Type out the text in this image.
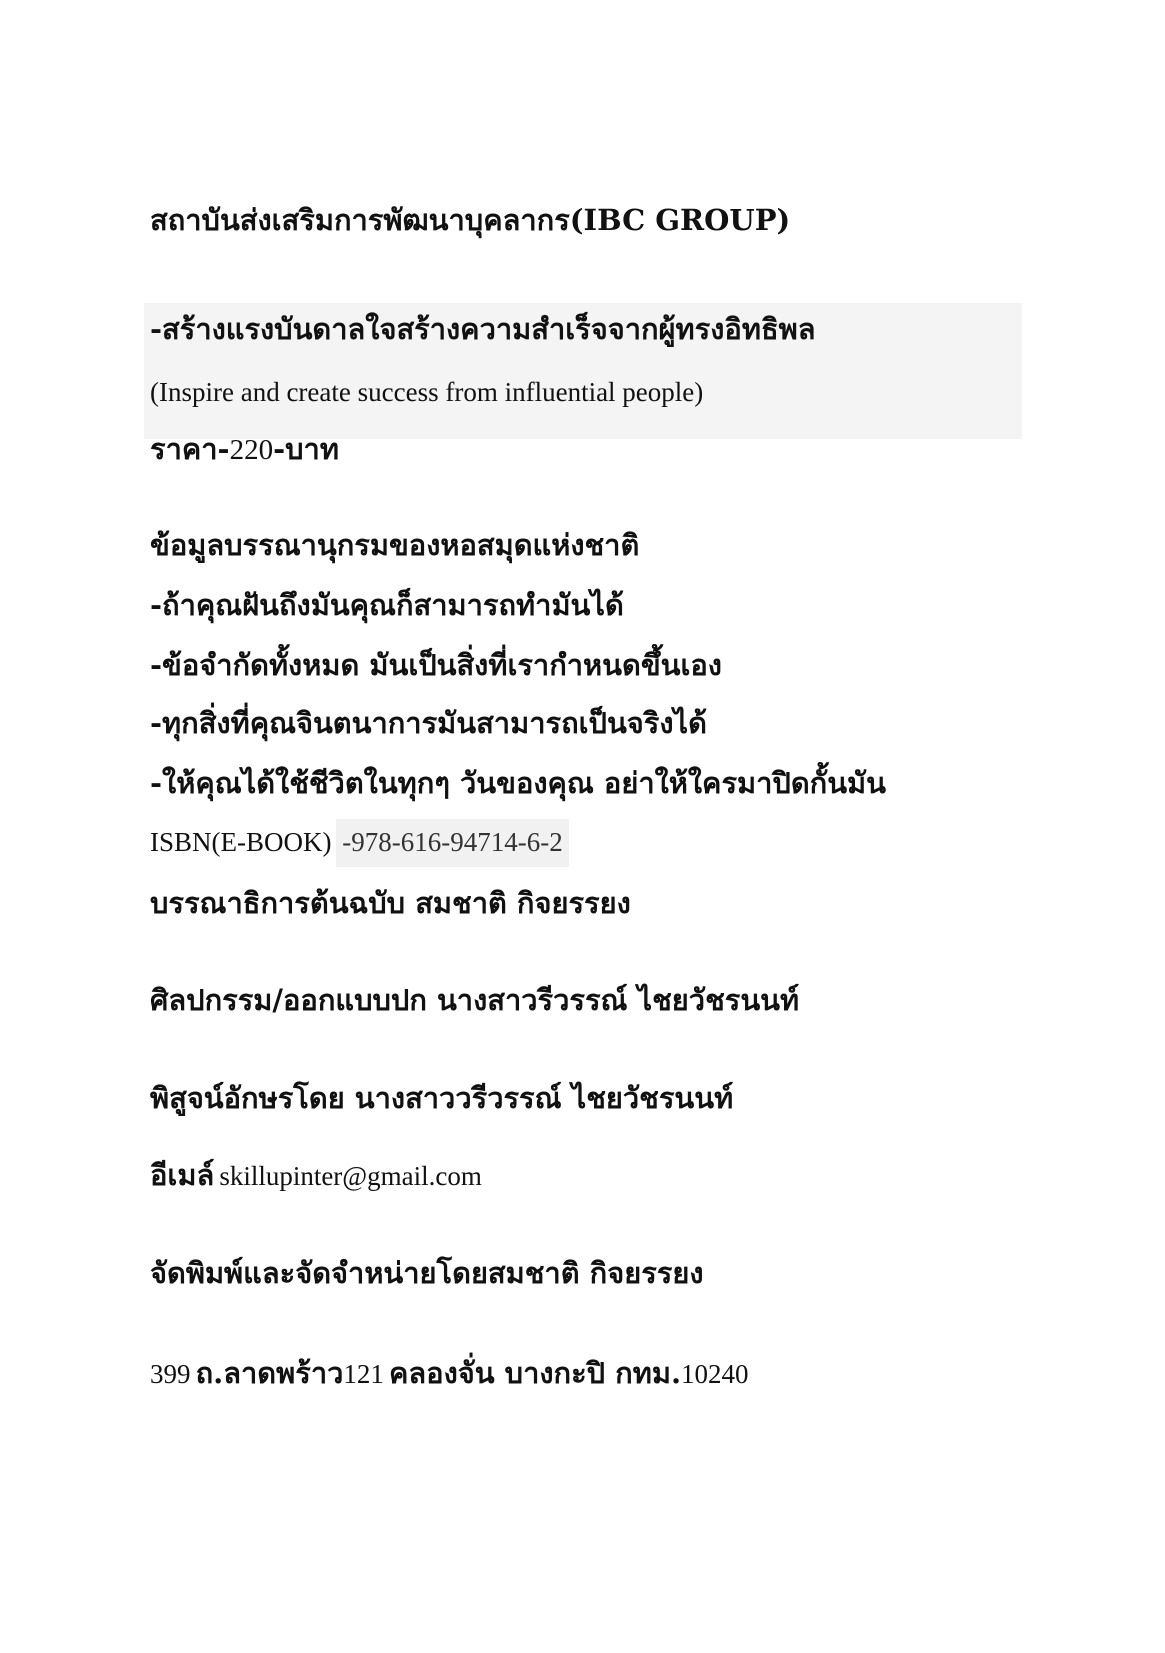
สถาบันส่งเสริมการพัฒนาบุคลากร(IBC GROUP)
-สร้างแรงบันดาลใจสร้างความสำเร็จจากผู้ทรงอิทธิพล
(Inspire and create success from influential people)
ราคา-220-บาท
ข้อมูลบรรณานุกรมของหอสมุดแห่งชาติ
-ถ้าคุณฝันถึงมันคุณก็สามารถทำมันได้
-ข้อจำกัดทั้งหมด มันเป็นสิ่งที่เรากำหนดขึ้นเอง
-ทุกสิ่งที่คุณจินตนาการมันสามารถเป็นจริงได้
-ให้คุณได้ใช้ชีวิตในทุกๆ วันของคุณ อย่าให้ใครมาปิดกั้นมัน
ISBN(E-BOOK) -978-616-94714-6-2
บรรณาธิการต้นฉบับ สมชาติ กิจยรรยง
ศิลปกรรม/ออกแบบปก นางสาวรีวรรณ์ ไชยวัชรนนท์
พิสูจน์อักษรโดย นางสาววรีวรรณ์ ไชยวัชรนนท์
อีเมล์ skillupinter@gmail.com
จัดพิมพ์และจัดจำหน่ายโดยสมชาติ กิจยรรยง
399 ถ.ลาดพร้าว121 คลองจั่น บางกะปิ กทม.10240
